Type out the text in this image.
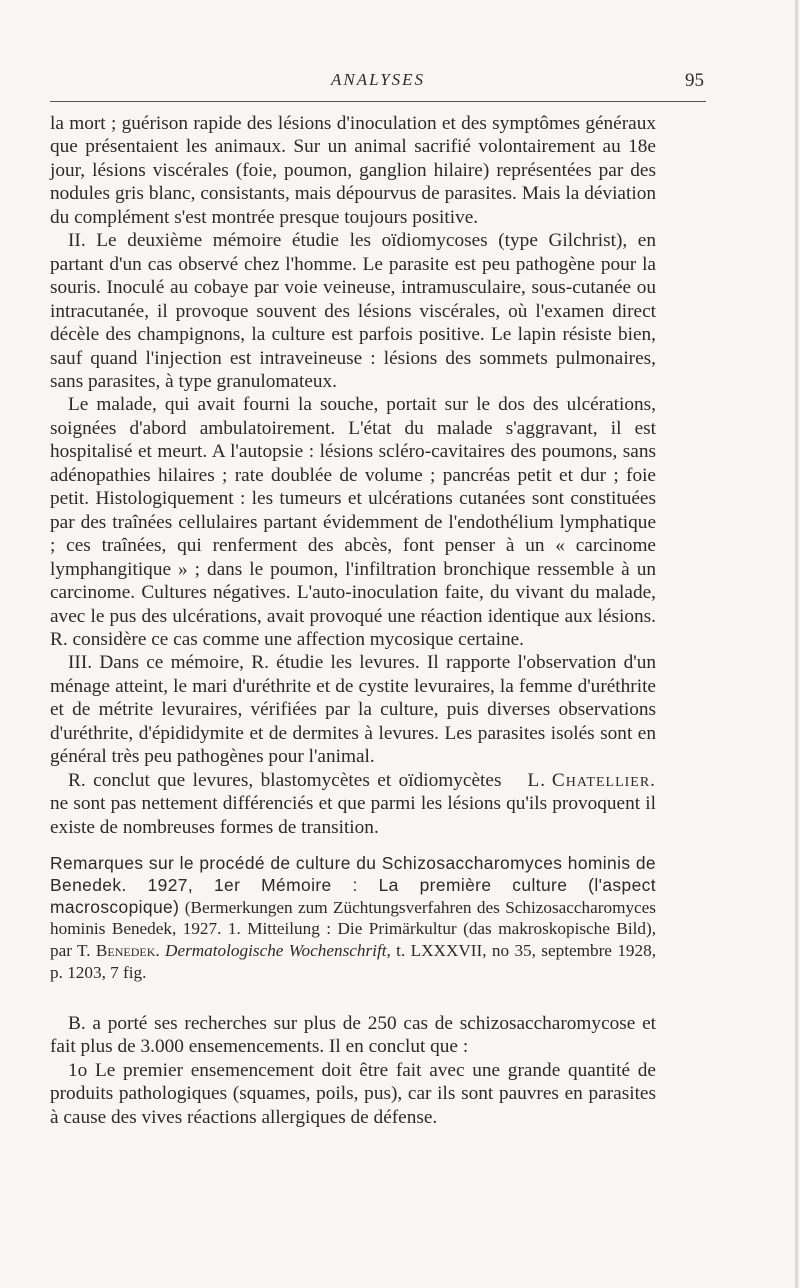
ANALYSES	95

la mort ; guérison rapide des lésions d'inoculation et des symptômes généraux que présentaient les animaux. Sur un animal sacrifié volontairement au 18e jour, lésions viscérales (foie, poumon, ganglion hilaire) représentées par des nodules gris blanc, consistants, mais dépourvus de parasites. Mais la déviation du complément s'est montrée presque toujours positive.

II. Le deuxième mémoire étudie les oïdiomycoses (type Gilchrist), en partant d'un cas observé chez l'homme. Le parasite est peu pathogène pour la souris. Inoculé au cobaye par voie veineuse, intramusculaire, sous-cutanée ou intracutanée, il provoque souvent des lésions viscérales, où l'examen direct décèle des champignons, la culture est parfois positive. Le lapin résiste bien, sauf quand l'injection est intraveineuse : lésions des sommets pulmonaires, sans parasites, à type granulomateux.

Le malade, qui avait fourni la souche, portait sur le dos des ulcérations, soignées d'abord ambulatoirement. L'état du malade s'aggravant, il est hospitalisé et meurt. A l'autopsie : lésions scléro-cavitaires des poumons, sans adénopathies hilaires ; rate doublée de volume ; pancréas petit et dur ; foie petit. Histologiquement : les tumeurs et ulcérations cutanées sont constituées par des traînées cellulaires partant évidemment de l'endothélium lymphatique ; ces traînées, qui renferment des abcès, font penser à un « carcinome lymphangitique » ; dans le poumon, l'infiltration bronchique ressemble à un carcinome. Cultures négatives. L'auto-inoculation faite, du vivant du malade, avec le pus des ulcérations, avait provoqué une réaction identique aux lésions. R. considère ce cas comme une affection mycosique certaine.

III. Dans ce mémoire, R. étudie les levures. Il rapporte l'observation d'un ménage atteint, le mari d'uréthrite et de cystite levuraires, la femme d'uréthrite et de métrite levuraires, vérifiées par la culture, puis diverses observations d'uréthrite, d'épididymite et de dermites à levures. Les parasites isolés sont en général très peu pathogènes pour l'animal.

L. Chatellier.
R. conclut que levures, blastomycètes et oïdiomycètes ne sont pas nettement différenciés et que parmi les lésions qu'ils provoquent il existe de nombreuses formes de transition.

Remarques sur le procédé de culture du Schizosaccharomyces hominis de Benedek. 1927, 1er Mémoire : La première culture (l'aspect macroscopique) (Bermerkungen zum Züchtungsverfahren des Schizosaccharomyces hominis Benedek, 1927. 1. Mitteilung : Die Primärkultur (das makroskopische Bild), par T. Benedek. Dermatologische Wochenschrift, t. LXXXVII, no 35, septembre 1928, p. 1203, 7 fig.

B. a porté ses recherches sur plus de 250 cas de schizosaccharomycose et fait plus de 3.000 ensemencements. Il en conclut que :

1o Le premier ensemencement doit être fait avec une grande quantité de produits pathologiques (squames, poils, pus), car ils sont pauvres en parasites à cause des vives réactions allergiques de défense.
